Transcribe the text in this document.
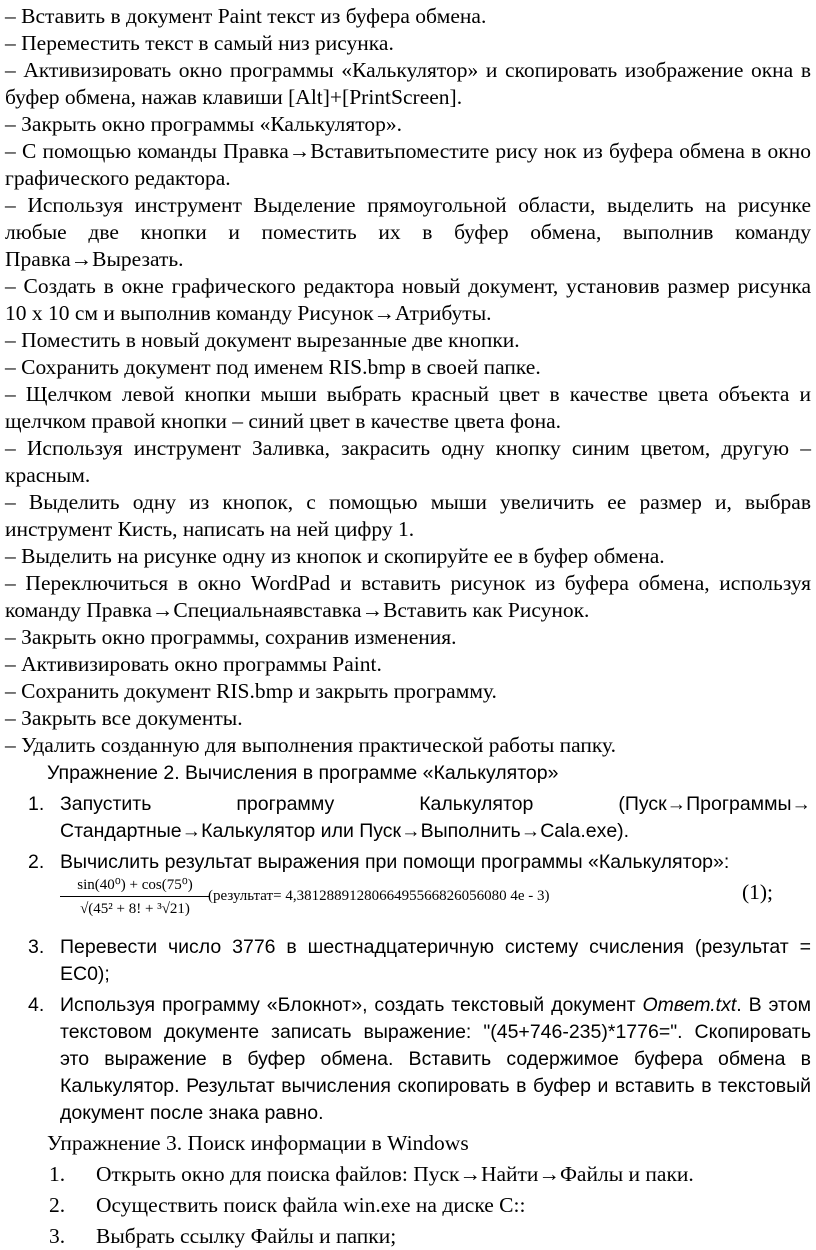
– Вставить в документ Paint текст из буфера обмена.
– Переместить текст в самый низ рисунка.
– Активизировать окно программы «Калькулятор» и скопировать изображение окна в буфер обмена, нажав клавиши [Alt]+[PrintScreen].
– Закрыть окно программы «Калькулятор».
– С помощью команды Правка→Вставитьпоместите рису нок из буфера обмена в окно графического редактора.
– Используя инструмент Выделение прямоугольной области, выделить на рисунке любые две кнопки и поместить их в буфер обмена, выполнив команду Правка→Вырезать.
– Создать в окне графического редактора новый документ, установив размер рисунка 10 x 10 см и выполнив команду Рисунок→Атрибуты.
– Поместить в новый документ вырезанные две кнопки.
– Сохранить документ под именем RIS.bmp в своей папке.
– Щелчком левой кнопки мыши выбрать красный цвет в качестве цвета объекта и щелчком правой кнопки – синий цвет в качестве цвета фона.
– Используя инструмент Заливка, закрасить одну кнопку синим цветом, другую – красным.
– Выделить одну из кнопок, с помощью мыши увеличить ее размер и, выбрав инструмент Кисть, написать на ней цифру 1.
– Выделить на рисунке одну из кнопок и скопируйте ее в буфер обмена.
– Переключиться в окно WordPad и вставить рисунок из буфера обмена, используя команду Правка→Специальнаявставка→Вставить как Рисунок.
– Закрыть окно программы, сохранив изменения.
– Активизировать окно программы Paint.
– Сохранить документ RIS.bmp и закрыть программу.
– Закрыть все документы.
– Удалить созданную для выполнения практической работы папку.
Упражнение 2. Вычисления в программе «Калькулятор»
1. Запустить программу Калькулятор (Пуск→Программы→ Стандартные→Калькулятор или Пуск→Выполнить→Cala.exe).
2. Вычислить результат выражения при помощи программы «Калькулятор»:
sin(40⁰) + cos(75⁰)
√(45² + 8! + ³√21)
(результат= 4,3812889128066495566826056080 4e - 3)	(1);
3. Перевести число 3776 в шестнадцатеричную систему счисления (результат = EC0);
4. Используя программу «Блокнот», создать текстовый документ Ответ.txt. В этом текстовом документе записать выражение: "(45+746-235)*1776=". Скопировать это выражение в буфер обмена. Вставить содержимое буфера обмена в Калькулятор. Результат вычисления скопировать в буфер и вставить в текстовый документ после знака равно.
Упражнение 3. Поиск информации в Windows
1. Открыть окно для поиска файлов: Пуск→Найти→Файлы и паки.
2. Осуществить поиск файла win.exe на диске С::
3. Выбрать ссылку Файлы и папки;
